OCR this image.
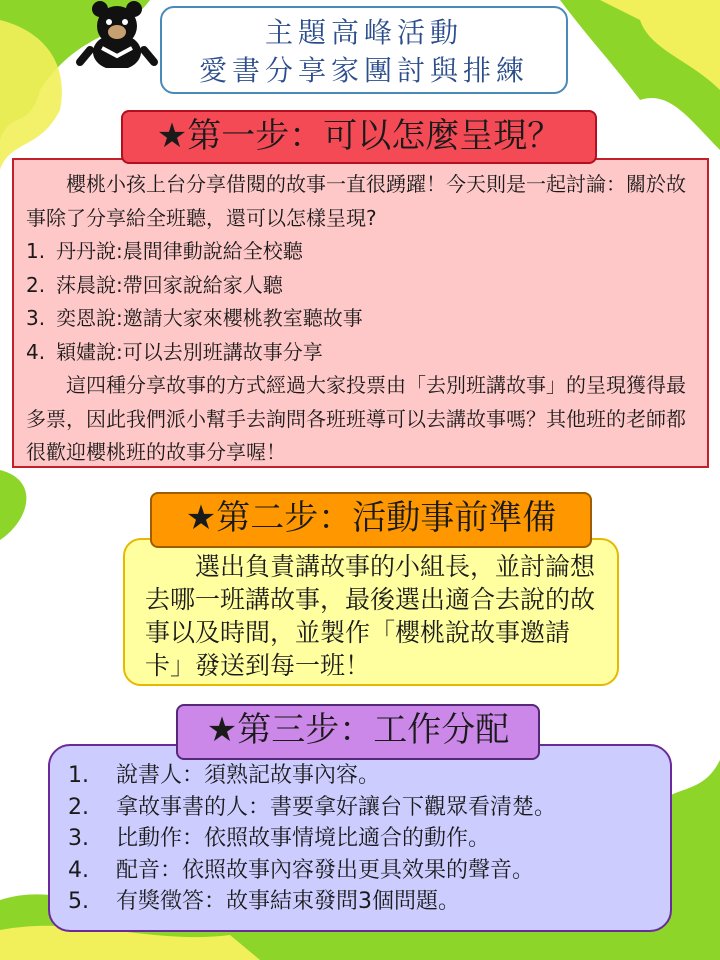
主題高峰活動
愛書分享家團討與排練
★第一步：可以怎麼呈現？

櫻桃小孩上台分享借閱的故事一直很踴躍！今天則是一起討論：關於故事除了分享給全班聽，還可以怎樣呈現?

1. 丹丹說:晨間律動說給全校聽
2. 莯晨說:帶回家說給家人聽
3. 奕恩說:邀請大家來櫻桃教室聽故事
4. 穎嫿說:可以去別班講故事分享

這四種分享故事的方式經過大家投票由「去別班講故事」的呈現獲得最多票，因此我們派小幫手去詢問各班班導可以去講故事嗎？其他班的老師都很歡迎櫻桃班的故事分享喔！

選出負責講故事的小組長，並討論想去哪一班講故事，最後選出適合去說的故事以及時間，並製作「櫻桃說故事邀請卡」發送到每一班！

★第二步：活動事前準備
1. 說書人：須熟記故事內容。
2. 拿故事書的人：書要拿好讓台下觀眾看清楚。
3. 比動作：依照故事情境比適合的動作。
4. 配音：依照故事內容發出更具效果的聲音。
5. 有獎徵答：故事結束發問3個問題。
★第三步：工作分配
